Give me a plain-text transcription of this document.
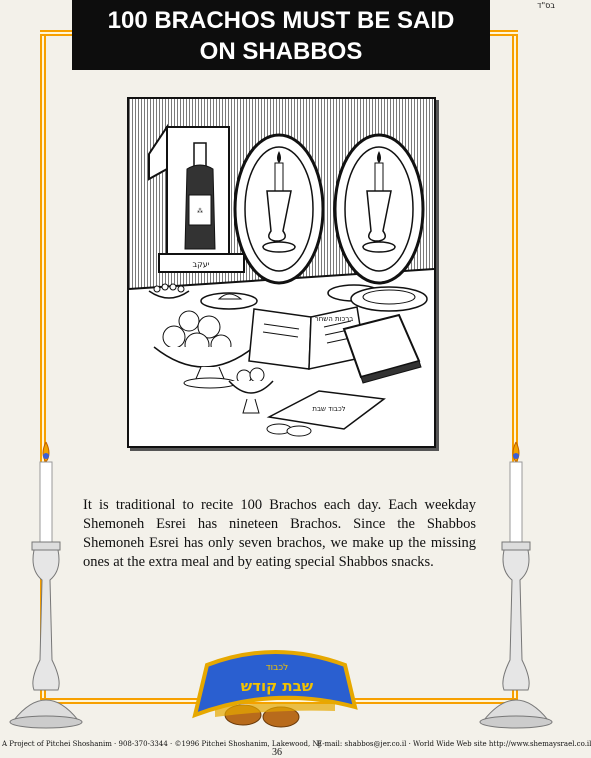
בס"ד
100 BRACHOS MUST BE SAID
ON SHABBOS
⁂
יעקב
ברכות השחר
לכבוד שבת

It is traditional to recite 100 Brachos each day. Each weekday Shemoneh Esrei has nineteen Brachos. Since the Shabbos Shemoneh Esrei has only seven brachos, we make up the missing ones at the extra meal and by eating special Shabbos snacks.

לכבוד
שבת קודש
A Project of Pitchei Shoshanim · 908-370-3344 · ©1996 Pitchei Shoshanim, Lakewood, NJ
E-mail: shabbos@jer.co.il · World Wide Web site http://www.shemaysrael.co.il
36
